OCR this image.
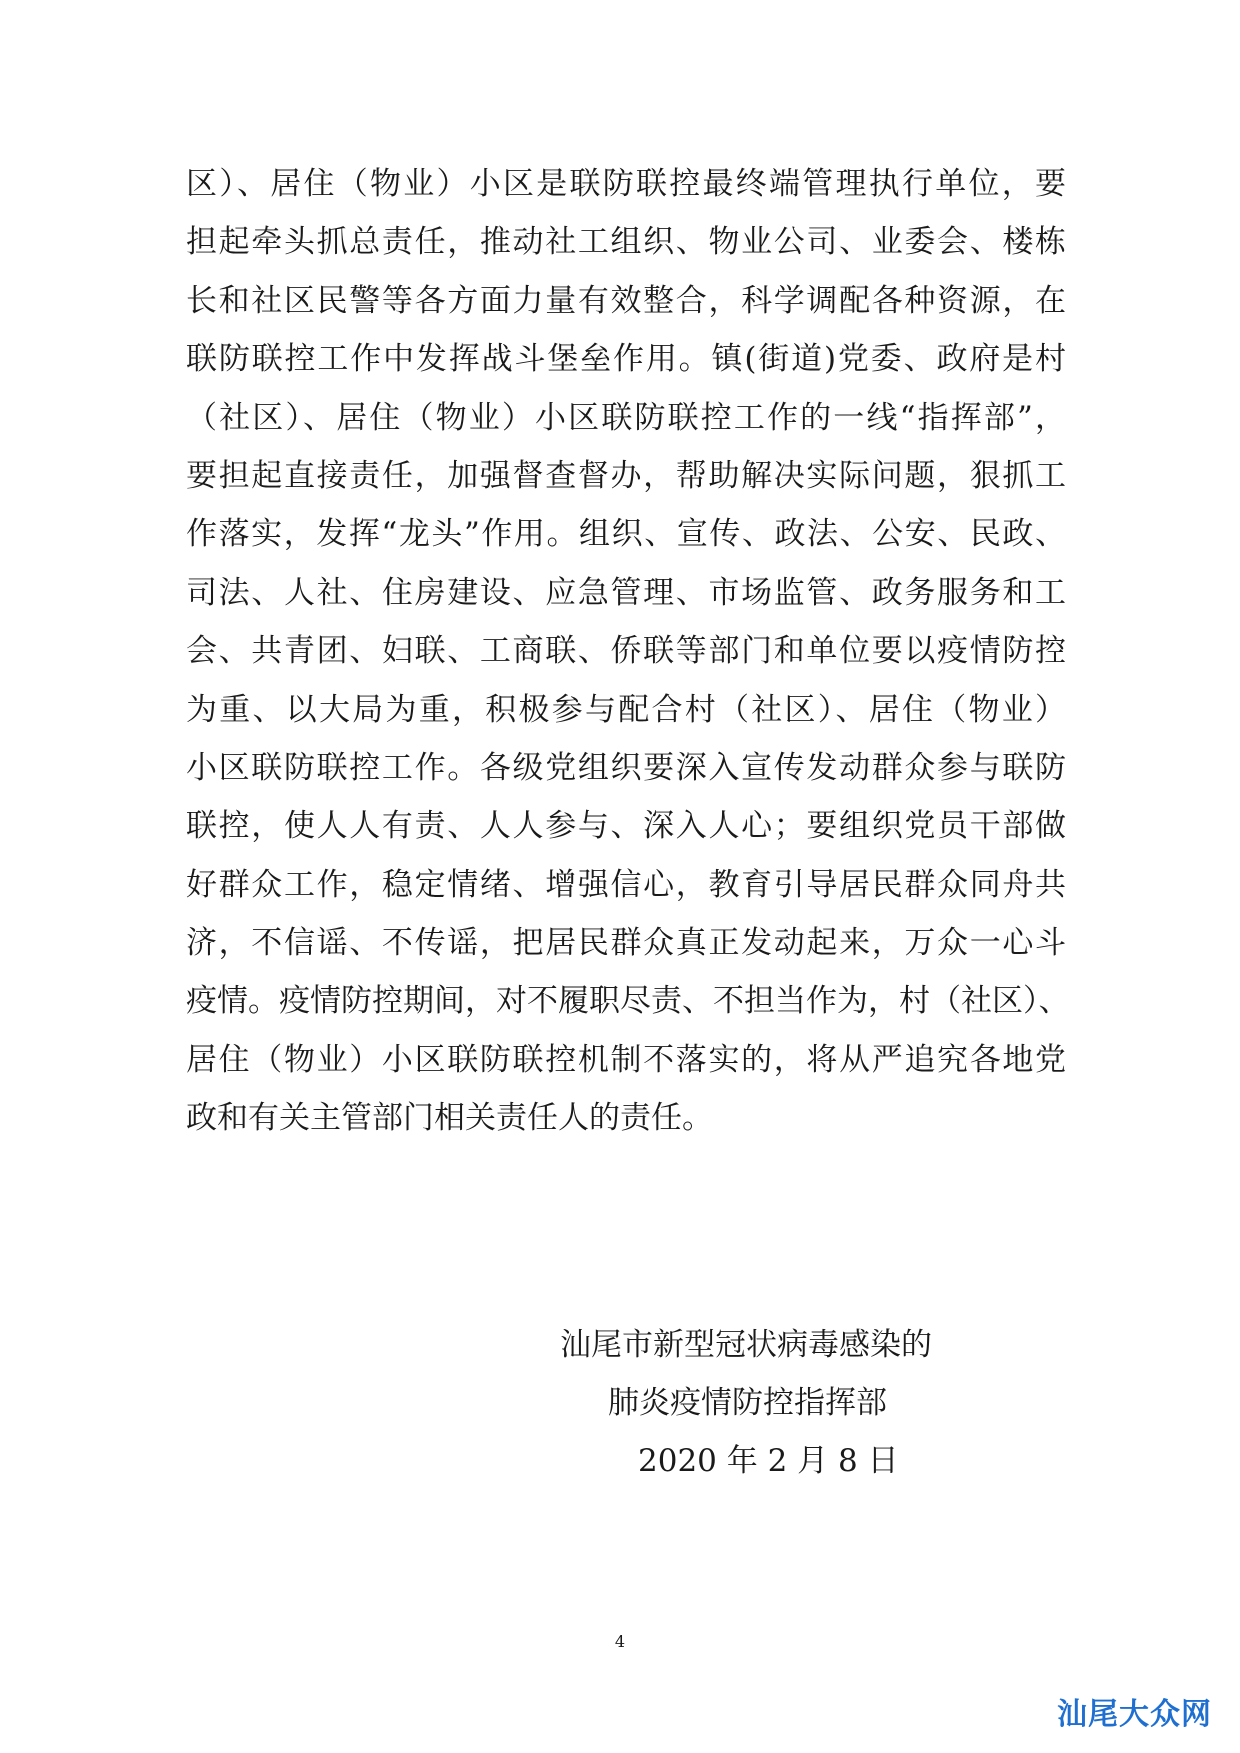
区）、居住（物业）小区是联防联控最终端管理执行单位，要
担起牵头抓总责任，推动社工组织、物业公司、业委会、楼栋
长和社区民警等各方面力量有效整合，科学调配各种资源，在
联防联控工作中发挥战斗堡垒作用。镇(街道)党委、政府是村
（社区）、居住（物业）小区联防联控工作的一线“指挥部”，
要担起直接责任，加强督查督办，帮助解决实际问题，狠抓工
作落实，发挥“龙头”作用。组织、宣传、政法、公安、民政、
司法、人社、住房建设、应急管理、市场监管、政务服务和工
会、共青团、妇联、工商联、侨联等部门和单位要以疫情防控
为重、以大局为重，积极参与配合村（社区）、居住（物业）
小区联防联控工作。各级党组织要深入宣传发动群众参与联防
联控，使人人有责、人人参与、深入人心；要组织党员干部做
好群众工作，稳定情绪、增强信心，教育引导居民群众同舟共
济，不信谣、不传谣，把居民群众真正发动起来，万众一心斗
疫情。疫情防控期间，对不履职尽责、不担当作为，村（社区）、
居住（物业）小区联防联控机制不落实的，将从严追究各地党
政和有关主管部门相关责任人的责任。
汕尾市新型冠状病毒感染的
肺炎疫情防控指挥部
2020 年 2 月 8 日
4
汕尾大众网
